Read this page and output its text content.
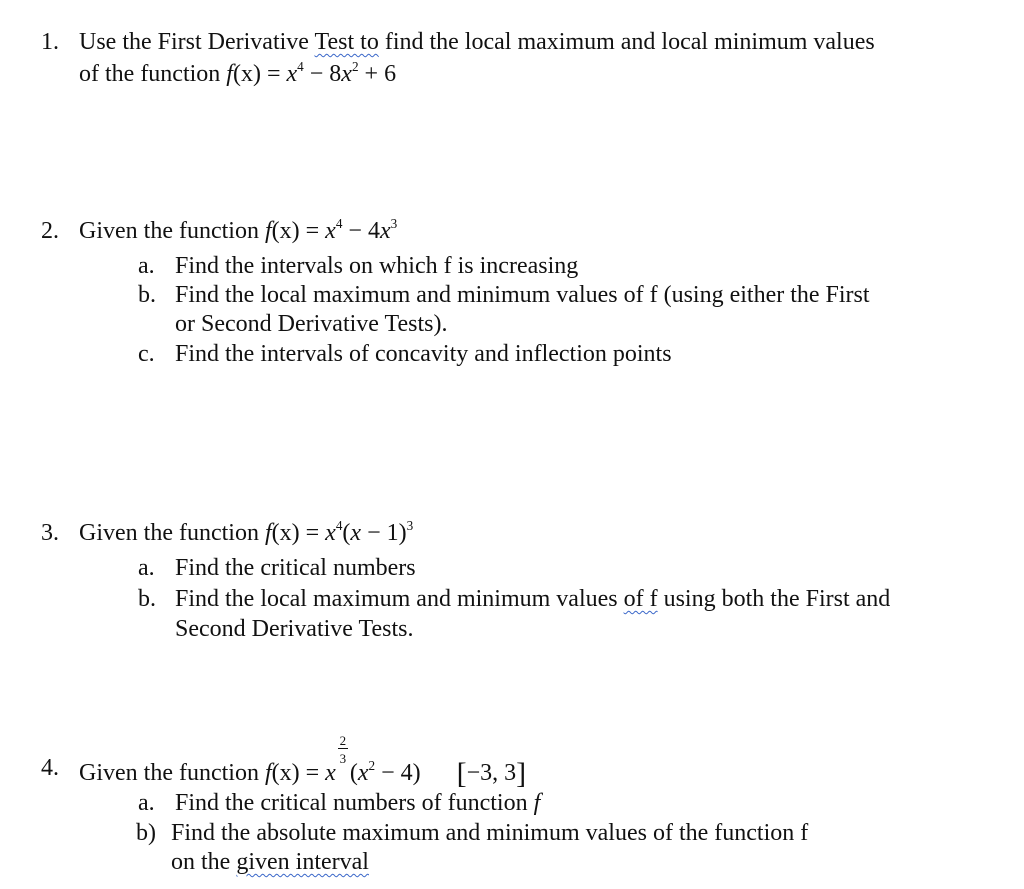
1. Use the First Derivative Test to find the local maximum and local minimum values
of the function $f(x) = x^4 - 8x^2 + 6$
2. Given the function $f(x) = x^4 - 4x^3$
a. Find the intervals on which f is increasing
b. Find the local maximum and minimum values of f (using either the First
or Second Derivative Tests).
c. Find the intervals of concavity and inflection points
3. Given the function $f(x) = x^4(x - 1)^3$
a. Find the critical numbers
b. Find the local maximum and minimum values of f using both the First and
Second Derivative Tests.
4. Given the function f(x) = x $\frac{2}{3} (x^2 - 4)$ [−3, 3]
a. Find the critical numbers of function f
b) Find the absolute maximum and minimum values of the function f
on the given interval
